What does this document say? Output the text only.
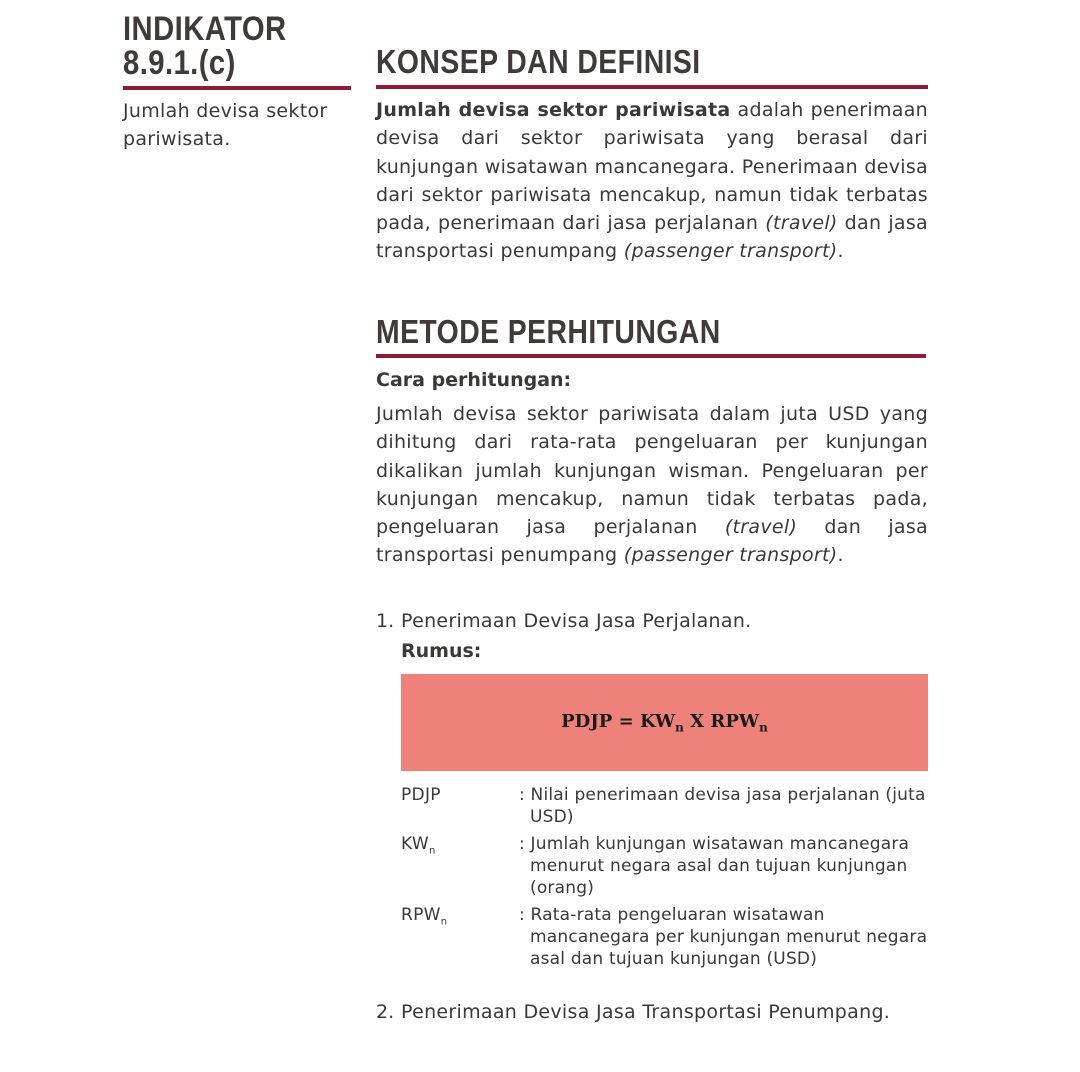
INDIKATOR
8.9.1.(c)
Jumlah devisa sektor pariwisata.
KONSEP DAN DEFINISI
Jumlah devisa sektor pariwisata adalah penerimaan devisa dari sektor pariwisata yang berasal dari kunjungan wisatawan mancanegara. Penerimaan devisa dari sektor pariwisata mencakup, namun tidak terbatas pada, penerimaan dari jasa perjalanan (travel) dan jasa transportasi penumpang (passenger transport).
METODE PERHITUNGAN
Cara perhitungan:
Jumlah devisa sektor pariwisata dalam juta USD yang dihitung dari rata-rata pengeluaran per kunjungan dikalikan jumlah kunjungan wisman. Pengeluaran per kunjungan mencakup, namun tidak terbatas pada, pengeluaran jasa perjalanan (travel) dan jasa transportasi penumpang (passenger transport).
1. Penerimaan Devisa Jasa Perjalanan.
Rumus:
PDJP = $KW_n$ X $RPW_n$
PDJP	: Nilai penerimaan devisa jasa perjalanan (juta USD)
$KW_n$	: Jumlah kunjungan wisatawan mancanegara menurut negara asal dan tujuan kunjungan (orang)
$RPW_n$	: Rata-rata pengeluaran wisatawan mancanegara per kunjungan menurut negara asal dan tujuan kunjungan (USD)
2. Penerimaan Devisa Jasa Transportasi Penumpang.
